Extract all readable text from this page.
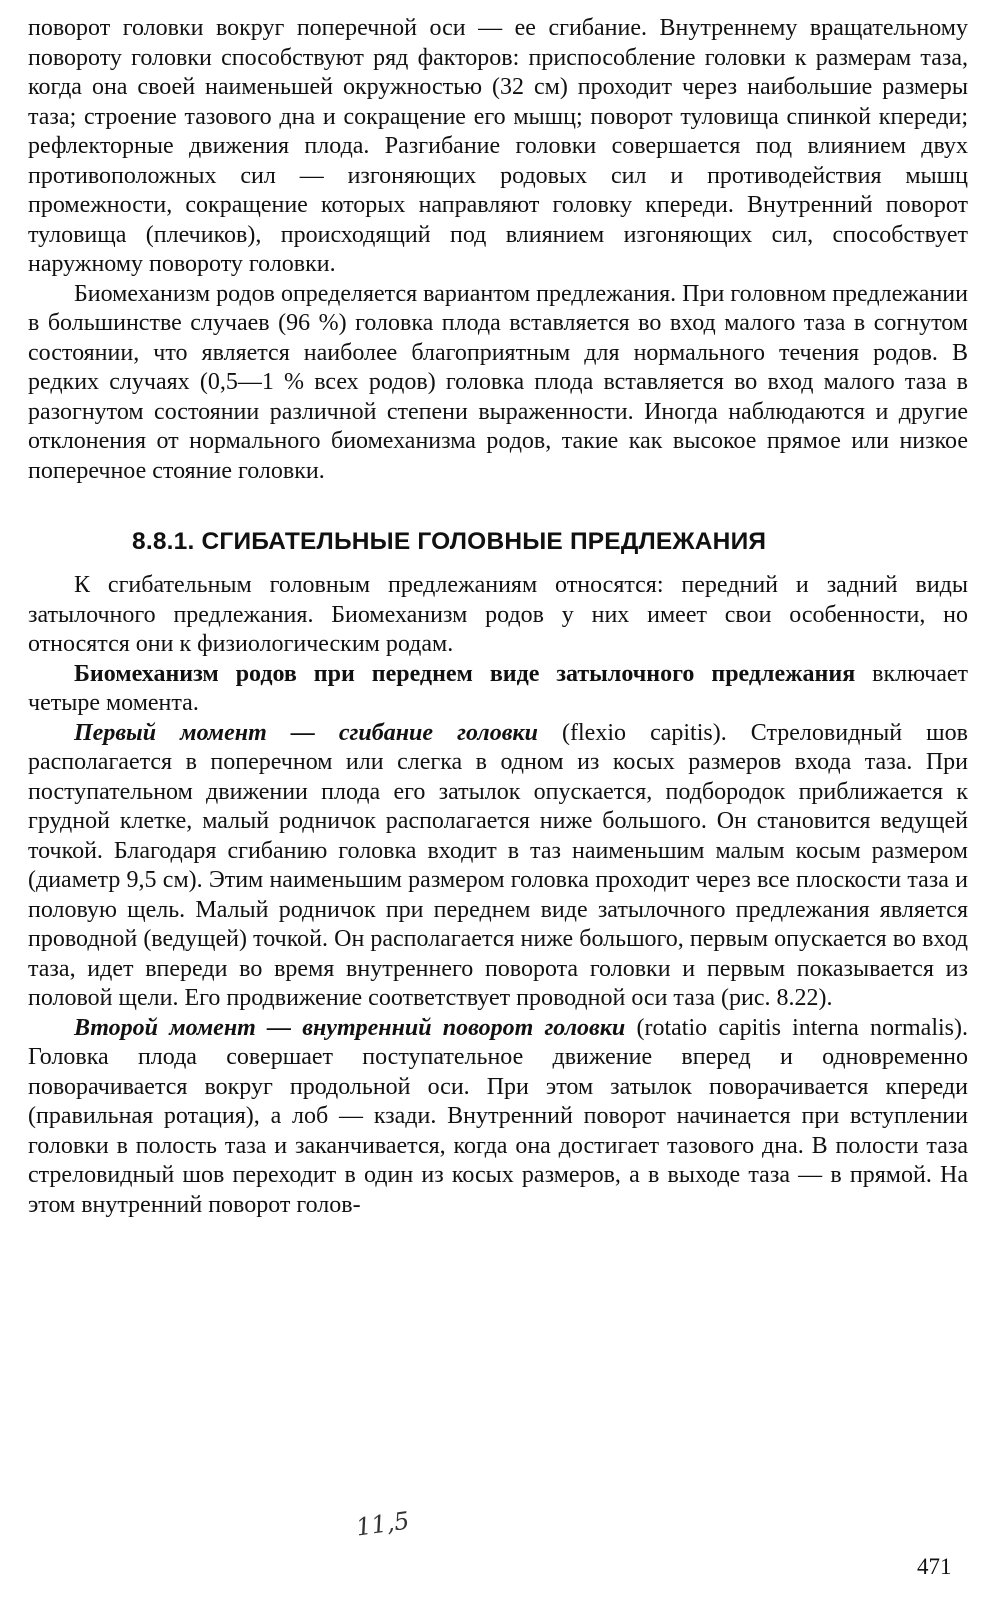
поворот головки вокруг поперечной оси — ее сгибание. Внутреннему вращательному повороту головки способствуют ряд факторов: приспособление головки к размерам таза, когда она своей наименьшей окружностью (32 см) проходит через наибольшие размеры таза; строение тазового дна и сокращение его мышц; поворот туловища спинкой кпереди; рефлекторные движения плода. Разгибание головки совершается под влиянием двух противоположных сил — изгоняющих родовых сил и противодействия мышц промежности, сокращение которых направляют головку кпереди. Внутренний поворот туловища (плечиков), происходящий под влиянием изгоняющих сил, способствует наружному повороту головки.

Биомеханизм родов определяется вариантом предлежания. При головном предлежании в большинстве случаев (96 %) головка плода вставляется во вход малого таза в согнутом состоянии, что является наиболее благоприятным для нормального течения родов. В редких случаях (0,5—1 % всех родов) головка плода вставляется во вход малого таза в разогнутом состоянии различной степени выраженности. Иногда наблюдаются и другие отклонения от нормального биомеханизма родов, такие как высокое прямое или низкое поперечное стояние головки.

8.8.1. СГИБАТЕЛЬНЫЕ ГОЛОВНЫЕ ПРЕДЛЕЖАНИЯ

К сгибательным головным предлежаниям относятся: передний и задний виды затылочного предлежания. Биомеханизм родов у них имеет свои особенности, но относятся они к физиологическим родам.

Биомеханизм родов при переднем виде затылочного предлежания включает четыре момента.

Первый момент — сгибание головки (flexio capitis). Стреловидный шов располагается в поперечном или слегка в одном из косых размеров входа таза. При поступательном движении плода его затылок опускается, подбородок приближается к грудной клетке, малый родничок располагается ниже большого. Он становится ведущей точкой. Благодаря сгибанию головка входит в таз наименьшим малым косым размером (диаметр 9,5 см). Этим наименьшим размером головка проходит через все плоскости таза и половую щель. Малый родничок при переднем виде затылочного предлежания является проводной (ведущей) точкой. Он располагается ниже большого, первым опускается во вход таза, идет впереди во время внутреннего поворота головки и первым показывается из половой щели. Его продвижение соответствует проводной оси таза (рис. 8.22).

Второй момент — внутренний поворот головки (rotatio capitis interna normalis). Головка плода совершает поступательное движение вперед и одновременно поворачивается вокруг продольной оси. При этом затылок поворачивается кпереди (правильная ротация), а лоб — кзади. Внутренний поворот начинается при вступлении головки в полость таза и заканчивается, когда она достигает тазового дна. В полости таза стреловидный шов переходит в один из косых размеров, а в выходе таза — в прямой. На этом внутренний поворот голов-

11,5
471
